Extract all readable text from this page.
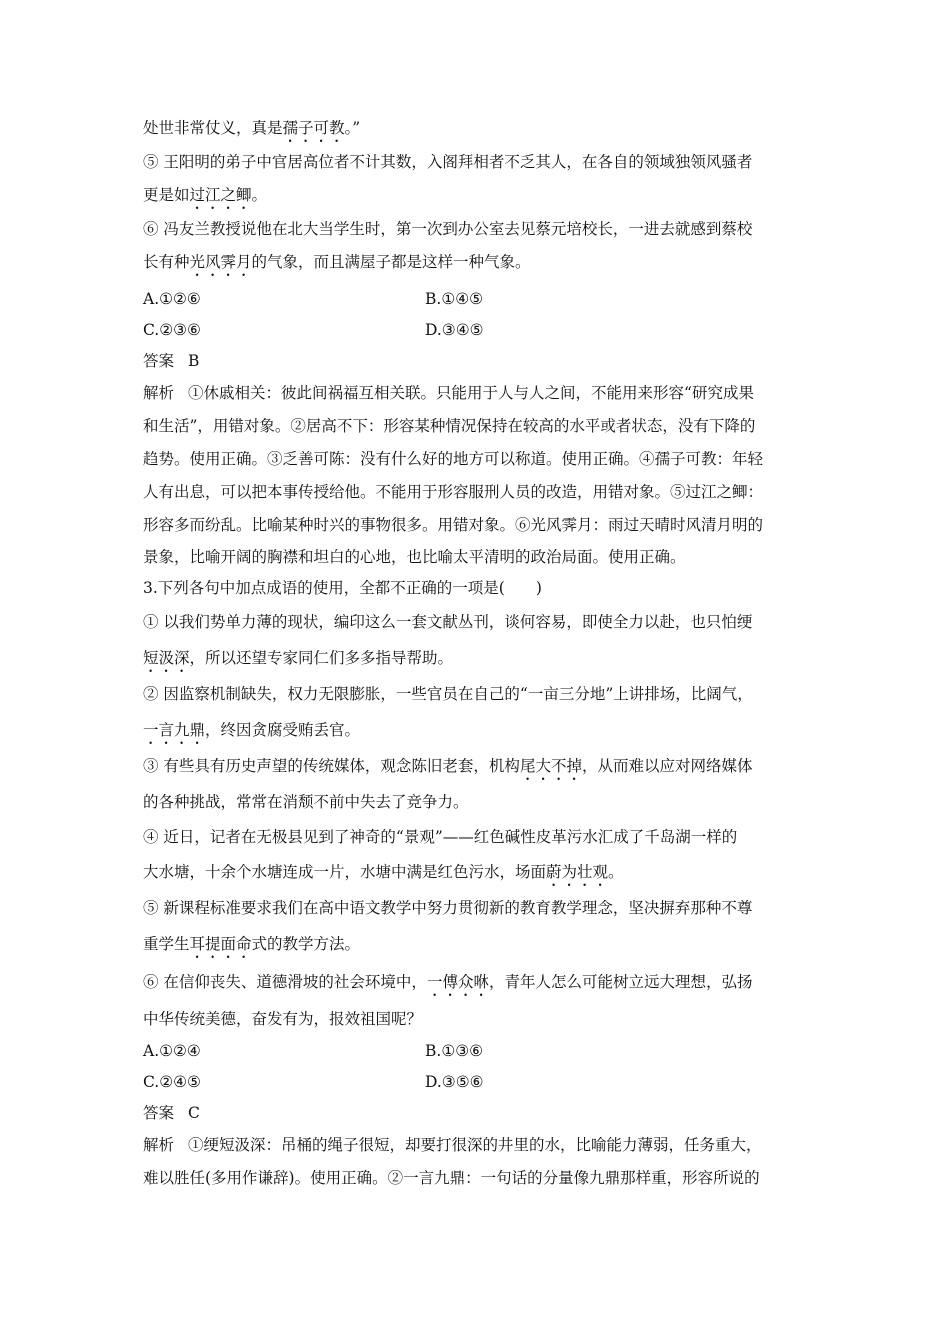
处世非常仗义，真是孺子可教。”

⑤ 王阳明的弟子中官居高位者不计其数，入阁拜相者不乏其人，在各自的领域独领风骚者

更是如过江之鲫。

⑥ 冯友兰教授说他在北大当学生时，第一次到办公室去见蔡元培校长，一进去就感到蔡校

长有种光风霁月的气象，而且满屋子都是这样一种气象。

A.①②⑥	B.①④⑤
C.②③⑥	D.③④⑤

答案 B

解析 ①休戚相关：彼此间祸福互相关联。只能用于人与人之间，不能用来形容“研究成果

和生活”，用错对象。②居高不下：形容某种情况保持在较高的水平或者状态，没有下降的

趋势。使用正确。③乏善可陈：没有什么好的地方可以称道。使用正确。④孺子可教：年轻

人有出息，可以把本事传授给他。不能用于形容服刑人员的改造，用错对象。⑤过江之鲫：

形容多而纷乱。比喻某种时兴的事物很多。用错对象。⑥光风霁月：雨过天晴时风清月明的

景象，比喻开阔的胸襟和坦白的心地，也比喻太平清明的政治局面。使用正确。

3.下列各句中加点成语的使用，全都不正确的一项是(　　)

① 以我们势单力薄的现状，编印这么一套文献丛刊，谈何容易，即使全力以赴，也只怕绠

短汲深，所以还望专家同仁们多多指导帮助。

② 因监察机制缺失，权力无限膨胀，一些官员在自己的“一亩三分地”上讲排场，比阔气，

一言九鼎，终因贪腐受贿丢官。

③ 有些具有历史声望的传统媒体，观念陈旧老套，机构尾大不掉，从而难以应对网络媒体

的各种挑战，常常在消颓不前中失去了竞争力。

④ 近日，记者在无极县见到了神奇的“景观”——红色碱性皮革污水汇成了千岛湖一样的

大水塘，十余个水塘连成一片，水塘中满是红色污水，场面蔚为壮观。

⑤ 新课程标准要求我们在高中语文教学中努力贯彻新的教育教学理念，坚决摒弃那种不尊

重学生耳提面命式的教学方法。

⑥ 在信仰丧失、道德滑坡的社会环境中，一傅众咻，青年人怎么可能树立远大理想，弘扬

中华传统美德，奋发有为，报效祖国呢？

A.①②④	B.①③⑥
C.②④⑤	D.③⑤⑥

答案 C

解析 ①绠短汲深：吊桶的绳子很短，却要打很深的井里的水，比喻能力薄弱，任务重大，

难以胜任(多用作谦辞)。使用正确。②一言九鼎：一句话的分量像九鼎那样重，形容所说的
